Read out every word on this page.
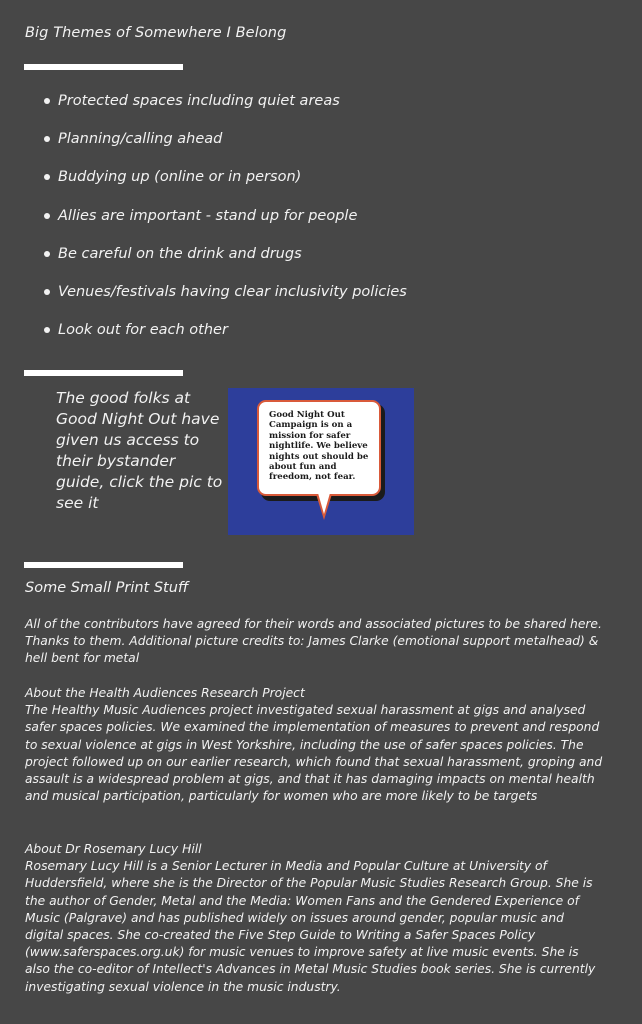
Big Themes of Somewhere I Belong
Protected spaces including quiet areas
Planning/calling ahead
Buddying up (online or in person)
Allies are important - stand up for people
Be careful on the drink and drugs
Venues/festivals having clear inclusivity policies
Look out for each other
The good folks at Good Night Out have given us access to their bystander guide, click the pic to see it
Good Night Out Campaign is on a mission for safer nightlife. We believe nights out should be about fun and freedom, not fear.
Some Small Print Stuff

All of the contributors have agreed for their words and associated pictures to be shared here. Thanks to them. Additional picture credits to: James Clarke (emotional support metalhead) & hell bent for metal

About the Health Audiences Research Project

The Healthy Music Audiences project investigated sexual harassment at gigs and analysed safer spaces policies. We examined the implementation of measures to prevent and respond to sexual violence at gigs in West Yorkshire, including the use of safer spaces policies. The project followed up on our earlier research, which found that sexual harassment, groping and assault is a widespread problem at gigs, and that it has damaging impacts on mental health and musical participation, particularly for women who are more likely to be targets

About Dr Rosemary Lucy Hill

Rosemary Lucy Hill is a Senior Lecturer in Media and Popular Culture at University of Huddersfield, where she is the Director of the Popular Music Studies Research Group. She is the author of Gender, Metal and the Media: Women Fans and the Gendered Experience of Music (Palgrave) and has published widely on issues around gender, popular music and digital spaces. She co-created the Five Step Guide to Writing a Safer Spaces Policy (www.saferspaces.org.uk) for music venues to improve safety at live music events. She is also the co-editor of Intellect's Advances in Metal Music Studies book series. She is currently investigating sexual violence in the music industry.
